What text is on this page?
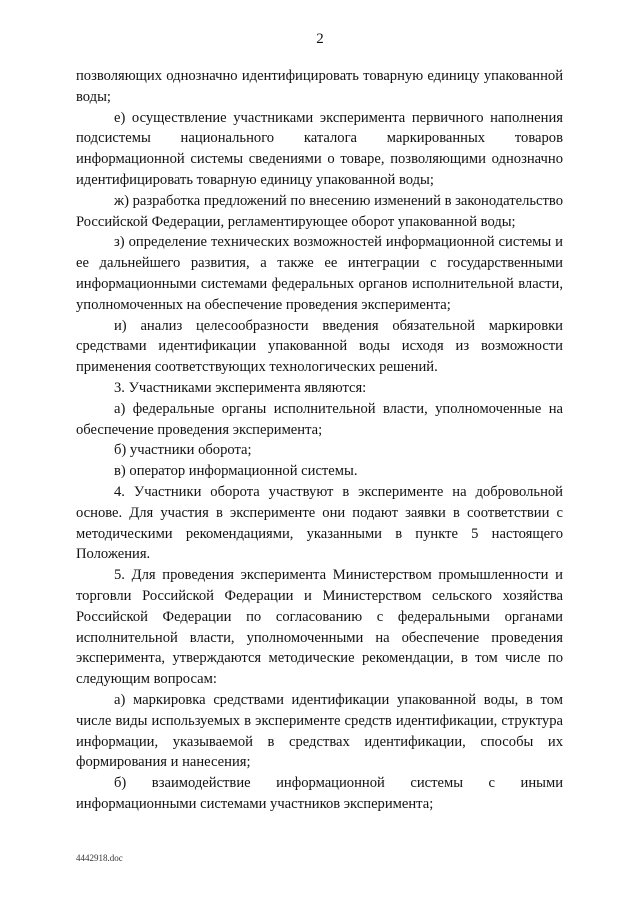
2

позволяющих однозначно идентифицировать товарную единицу упакованной воды;

е) осуществление участниками эксперимента первичного наполнения подсистемы национального каталога маркированных товаров информационной системы сведениями о товаре, позволяющими однозначно идентифицировать товарную единицу упакованной воды;

ж) разработка предложений по внесению изменений в законодательство Российской Федерации, регламентирующее оборот упакованной воды;

з) определение технических возможностей информационной системы и ее дальнейшего развития, а также ее интеграции с государственными информационными системами федеральных органов исполнительной власти, уполномоченных на обеспечение проведения эксперимента;

и) анализ целесообразности введения обязательной маркировки средствами идентификации упакованной воды исходя из возможности применения соответствующих технологических решений.

3. Участниками эксперимента являются:

а) федеральные органы исполнительной власти, уполномоченные на обеспечение проведения эксперимента;

б) участники оборота;

в) оператор информационной системы.

4. Участники оборота участвуют в эксперименте на добровольной основе. Для участия в эксперименте они подают заявки в соответствии с методическими рекомендациями, указанными в пункте 5 настоящего Положения.

5. Для проведения эксперимента Министерством промышленности и торговли Российской Федерации и Министерством сельского хозяйства Российской Федерации по согласованию с федеральными органами исполнительной власти, уполномоченными на обеспечение проведения эксперимента, утверждаются методические рекомендации, в том числе по следующим вопросам:

а) маркировка средствами идентификации упакованной воды, в том числе виды используемых в эксперименте средств идентификации, структура информации, указываемой в средствах идентификации, способы их формирования и нанесения;

б) взаимодействие информационной системы с иными информационными системами участников эксперимента;

4442918.doc
